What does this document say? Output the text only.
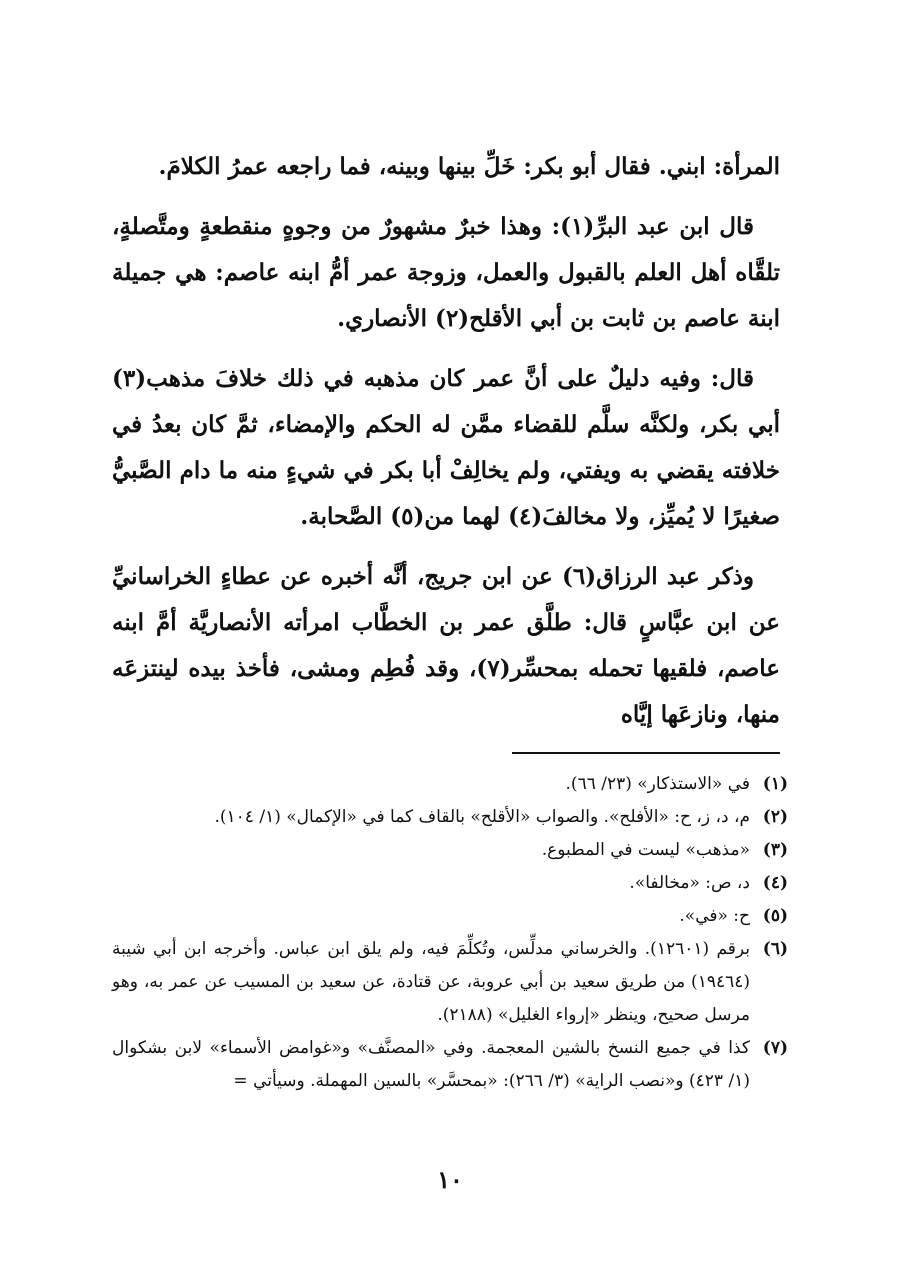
المرأة: ابني. فقال أبو بكر: خَلِّ بينها وبينه، فما راجعه عمرُ الكلامَ.

قال ابن عبد البرِّ(١): وهذا خبرٌ مشهورٌ من وجوهٍ منقطعةٍ ومتَّصلةٍ، تلقَّاه أهل العلم بالقبول والعمل، وزوجة عمر أمُّ ابنه عاصم: هي جميلة ابنة عاصم بن ثابت بن أبي الأقلح(٢) الأنصاري.

قال: وفيه دليلٌ على أنَّ عمر كان مذهبه في ذلك خلافَ مذهب(٣) أبي بكر، ولكنَّه سلَّم للقضاء ممَّن له الحكم والإمضاء، ثمَّ كان بعدُ في خلافته يقضي به ويفتي، ولم يخالِفْ أبا بكر في شيءٍ منه ما دام الصَّبيُّ صغيرًا لا يُميِّز، ولا مخالفَ(٤) لهما من(٥) الصَّحابة.

وذكر عبد الرزاق(٦) عن ابن جريج، أنَّه أخبره عن عطاءٍ الخراسانيِّ عن ابن عبَّاسٍ قال: طلَّق عمر بن الخطَّاب امرأته الأنصاريَّة أمَّ ابنه عاصم، فلقيها تحمله بمحسِّر(٧)، وقد فُطِم ومشى، فأخذ بيده لينتزعَه منها، ونازعَها إيَّاه

(١)
في «الاستذكار» (٢٣/ ٦٦).
(٢)
م، د، ز، ح: «الأفلح». والصواب «الأقلح» بالقاف كما في «الإكمال» (١/ ١٠٤).
(٣)
«مذهب» ليست في المطبوع.
(٤)
د، ص: «مخالفا».
(٥)
ح: «في».
(٦)
برقم (١٢٦٠١). والخرساني مدلِّس، وتُكلِّمَ فيه، ولم يلق ابن عباس. وأخرجه ابن أبي شيبة (١٩٤٦٤) من طريق سعيد بن أبي عروبة، عن قتادة، عن سعيد بن المسيب عن عمر به، وهو مرسل صحيح، وينظر «إرواء الغليل» (٢١٨٨).
(٧)
كذا في جميع النسخ بالشين المعجمة. وفي «المصنَّف» و«غوامض الأسماء» لابن بشكوال (١/ ٤٢٣) و«نصب الراية» (٣/ ٢٦٦): «بمحسَّر» بالسين المهملة. وسيأتي =
١٠
